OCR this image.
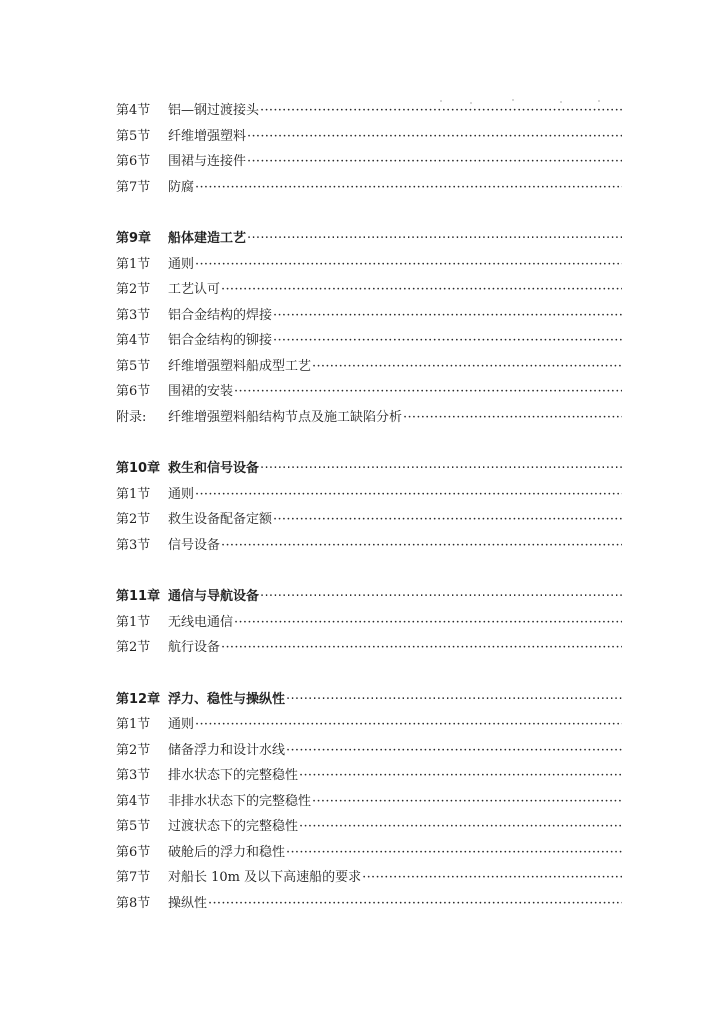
第4节	铝—钢过渡接头
·····
第5节	纤维增强塑料
·····
第6节	围裙与连接件
·····
第7节	防腐
·····
第9章	船体建造工艺
·····
第1节	通则
·····
第2节	工艺认可
·····
第3节	铝合金结构的焊接
·····
第4节	铝合金结构的铆接
·····
第5节	纤维增强塑料船成型工艺
·····
第6节	围裙的安装
·····
附录:	纤维增强塑料船结构节点及施工缺陷分析
·····
第10章 救生和信号设备
·····
第1节	通则
·····
第2节	救生设备配备定额
·····
第3节	信号设备
·····
第11章 通信与导航设备
·····
第1节	无线电通信
·····
第2节	航行设备
·····
第12章 浮力、稳性与操纵性
·····
第1节	通则
·····
第2节	储备浮力和设计水线
·····
第3节	排水状态下的完整稳性
·····
第4节	非排水状态下的完整稳性
·····
第5节	过渡状态下的完整稳性
·····
第6节	破舱后的浮力和稳性
·····
第7节	对船长 10m 及以下高速船的要求
·····
第8节	操纵性
·····
